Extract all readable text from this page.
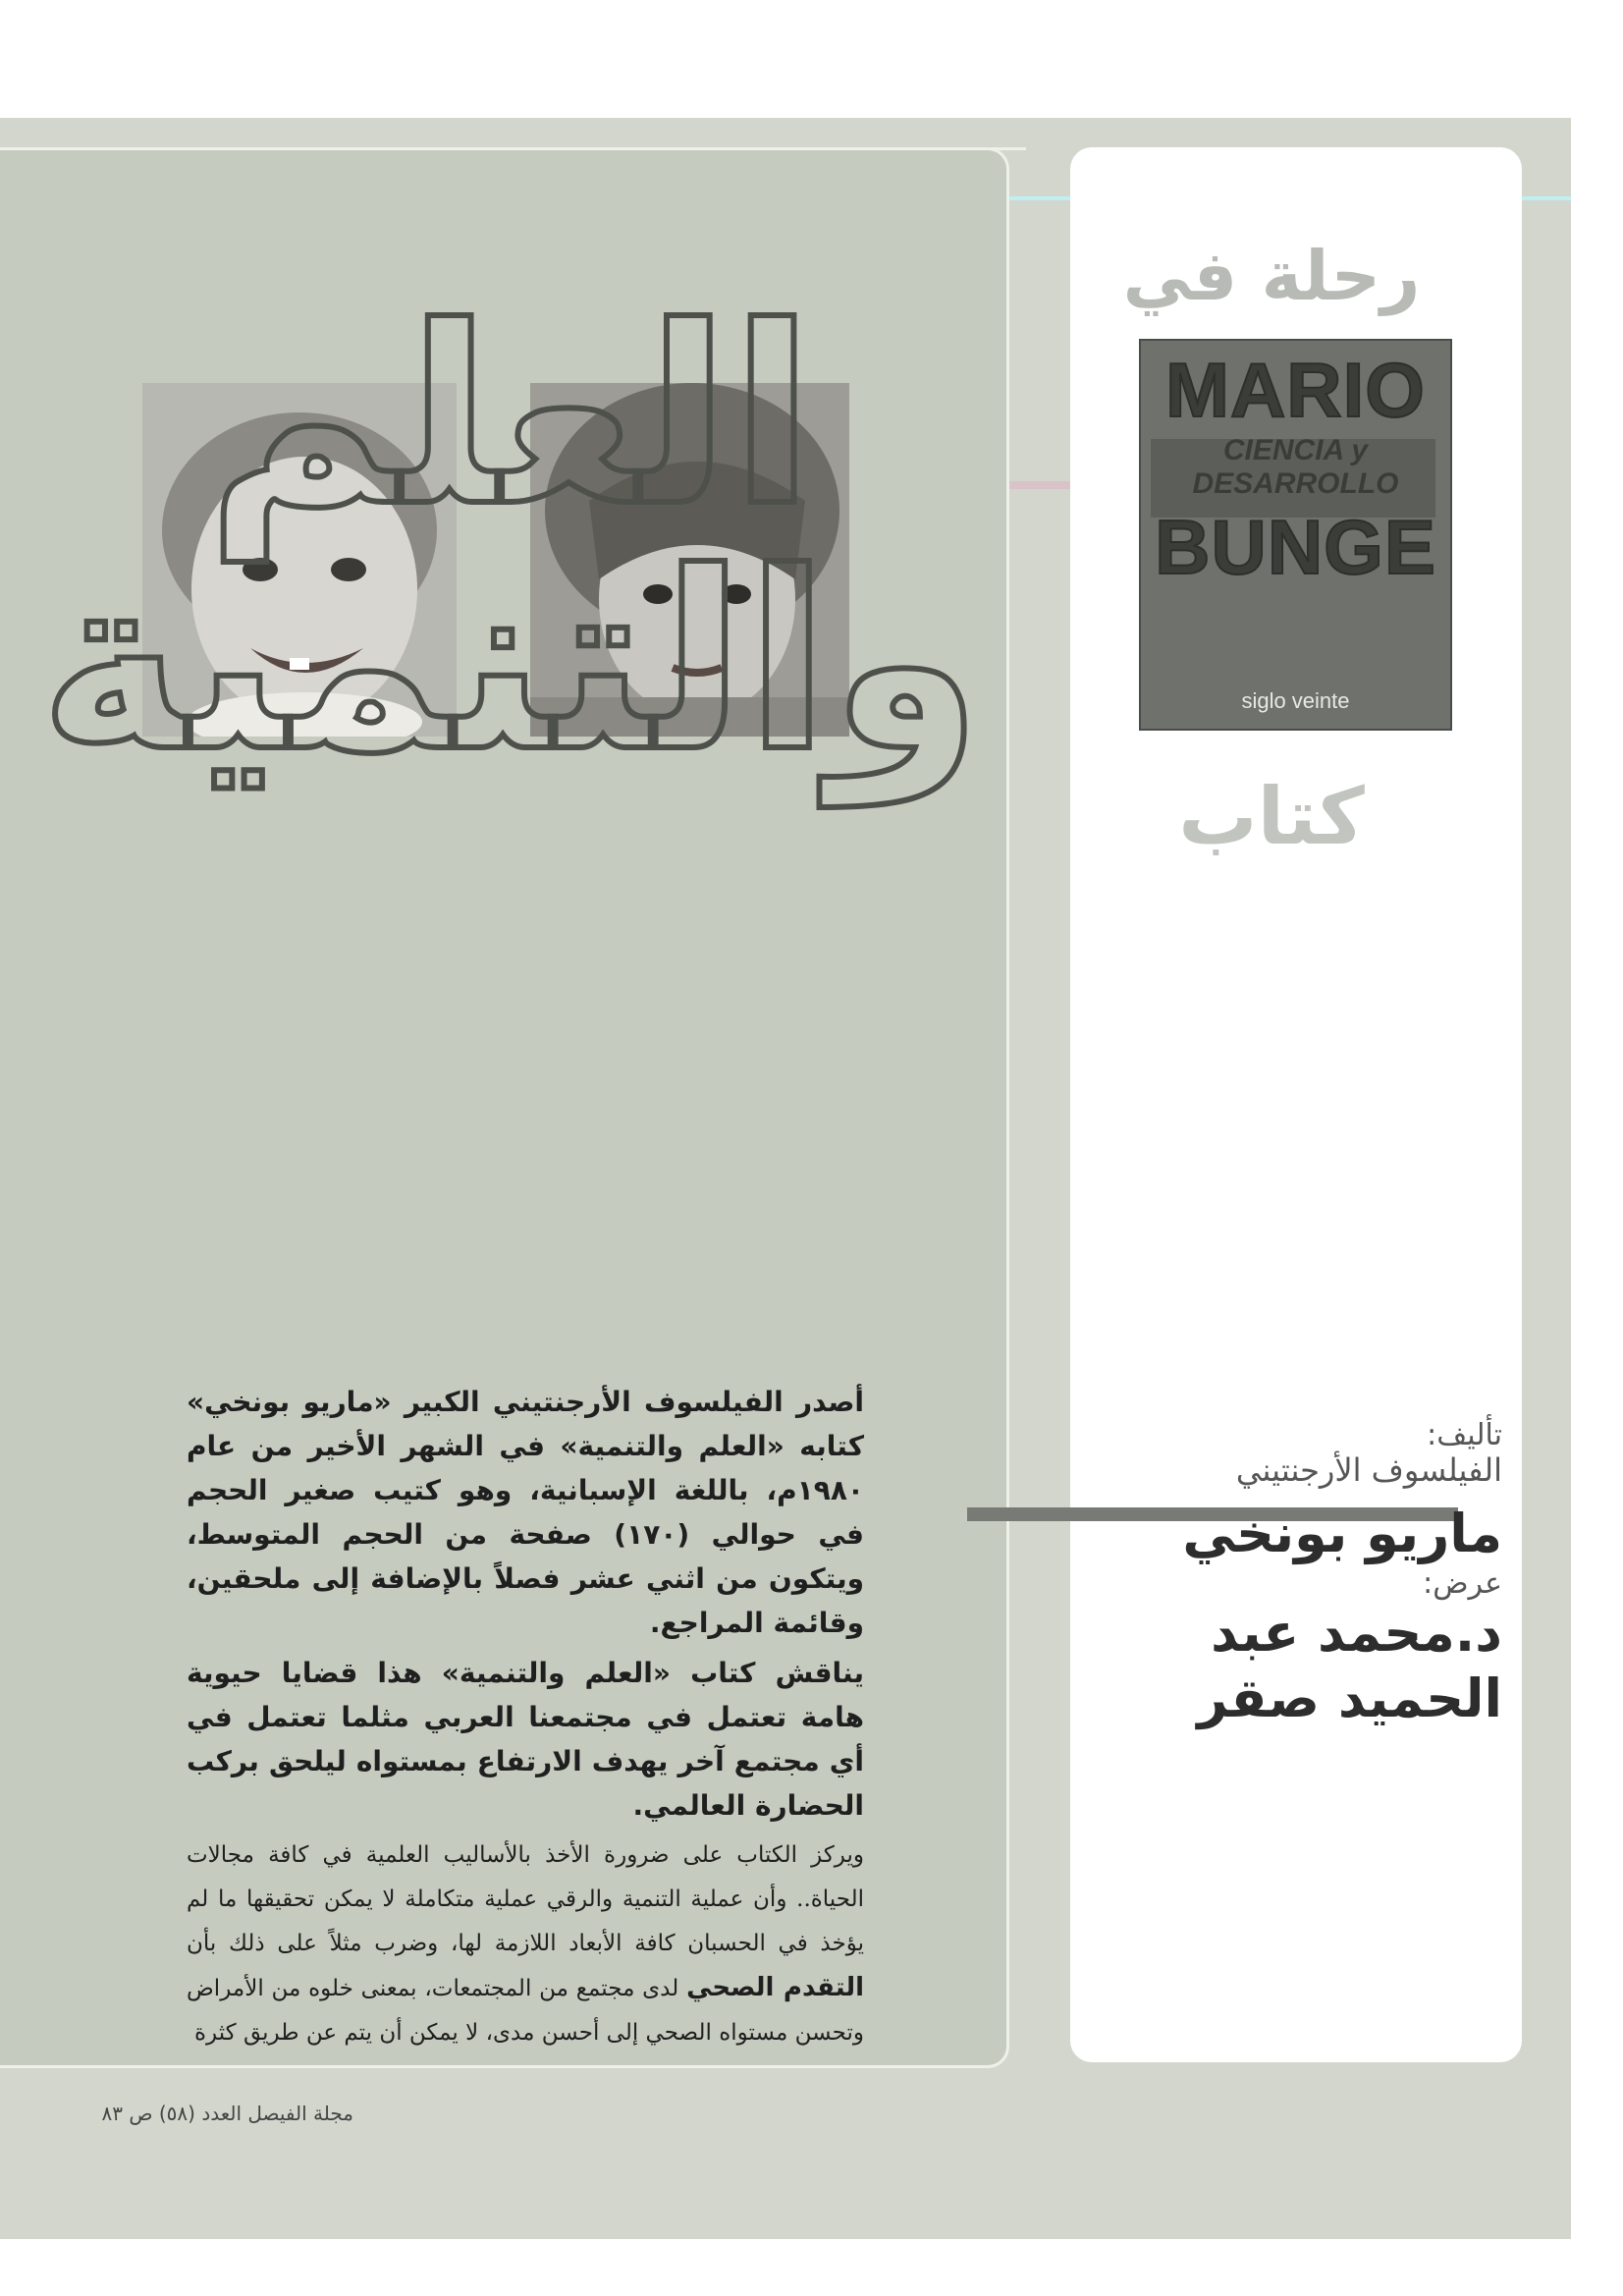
العلم
والتنمية
رحلة في
MARIO
CIENCIA y DESARROLLO
BUNGE
siglo veinte
كتاب
تأليف:
الفيلسوف الأرجنتيني
ماريو بونخي
عرض:
د.محمد عبد الحميد صقر

أصدر الفيلسوف الأرجنتيني الكبير «ماريو بونخي» كتابه «العلم والتنمية» في الشهر الأخير من عام ١٩٨٠م، باللغة الإسبانية، وهو كتيب صغير الحجم في حوالي (١٧٠) صفحة من الحجم المتوسط، ويتكون من اثني عشر فصلاً بالإضافة إلى ملحقين، وقائمة المراجع.

يناقش كتاب «العلم والتنمية» هذا قضايا حيوية هامة تعتمل في مجتمعنا العربي مثلما تعتمل في أي مجتمع آخر يهدف الارتفاع بمستواه ليلحق بركب الحضارة العالمي.

ويركز الكتاب على ضرورة الأخذ بالأساليب العلمية في كافة مجالات الحياة.. وأن عملية التنمية والرقي عملية متكاملة لا يمكن تحقيقها ما لم يؤخذ في الحسبان كافة الأبعاد اللازمة لها، وضرب مثلاً على ذلك بأن التقدم الصحي لدى مجتمع من المجتمعات، بمعنى خلوه من الأمراض وتحسن مستواه الصحي إلى أحسن مدى، لا يمكن أن يتم عن طريق كثرة

مجلة الفيصل العدد (٥٨) ص ٨٣
